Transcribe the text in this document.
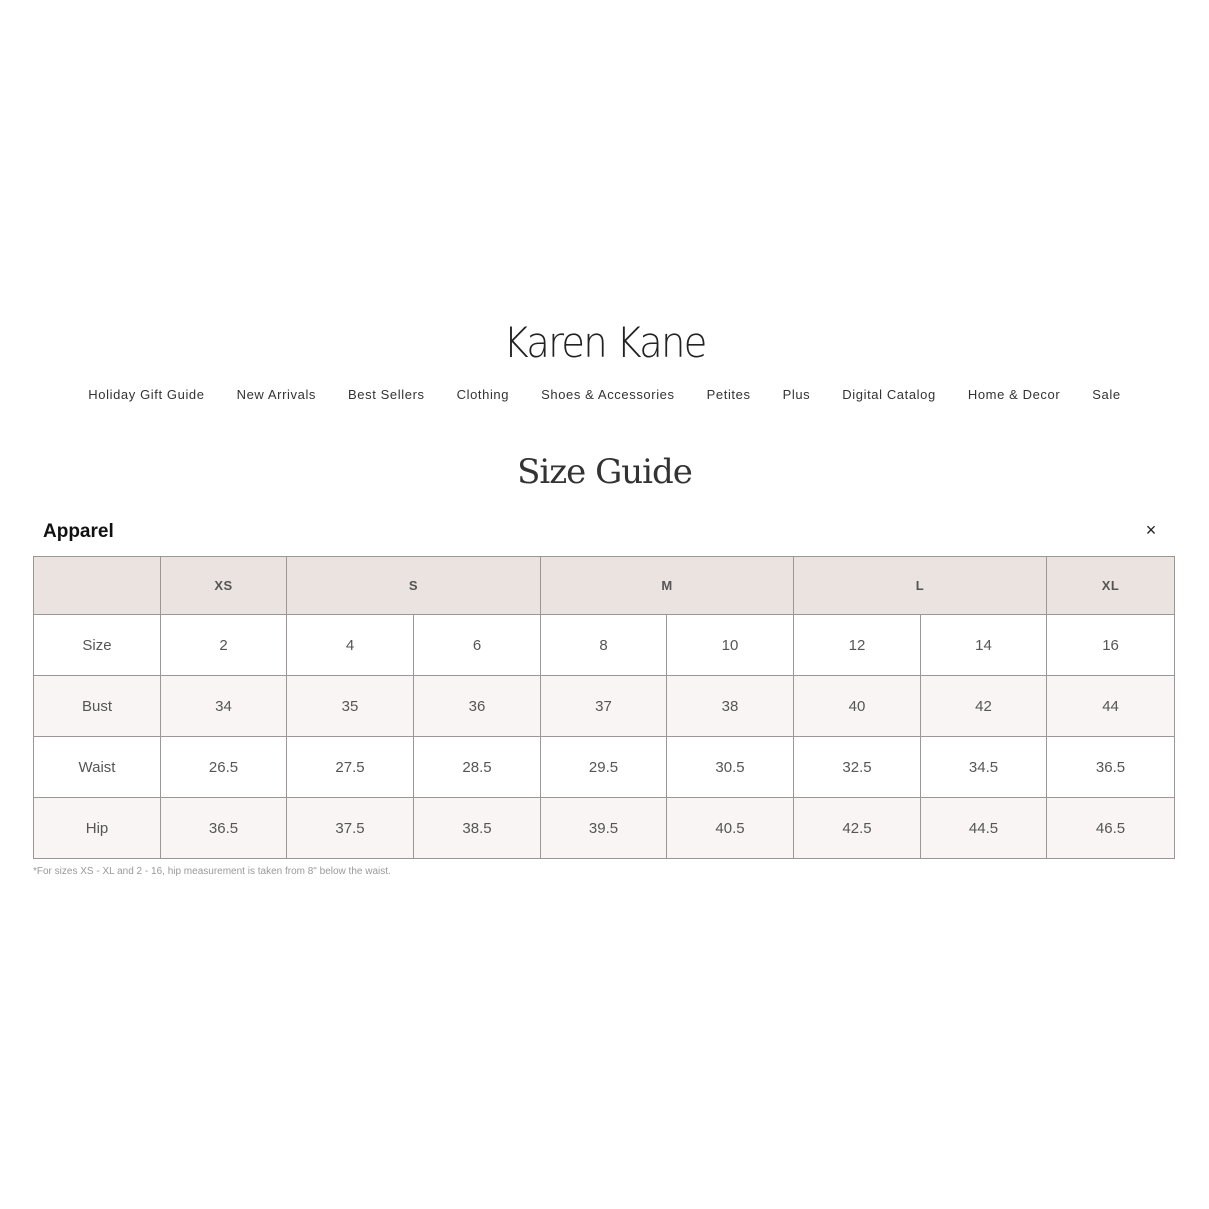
Karen Kane
Holiday Gift Guide	New Arrivals	Best Sellers	Clothing	Shoes & Accessories	Petites	Plus	Digital Catalog	Home & Decor	Sale
Size Guide
Apparel	×
	XS	S		M		L		XL
Size	2	4	6	8	10	12	14	16
Bust	34	35	36	37	38	40	42	44
Waist	26.5	27.5	28.5	29.5	30.5	32.5	34.5	36.5
Hip	36.5	37.5	38.5	39.5	40.5	42.5	44.5	46.5
*For sizes XS - XL and 2 - 16, hip measurement is taken from 8" below the waist.
